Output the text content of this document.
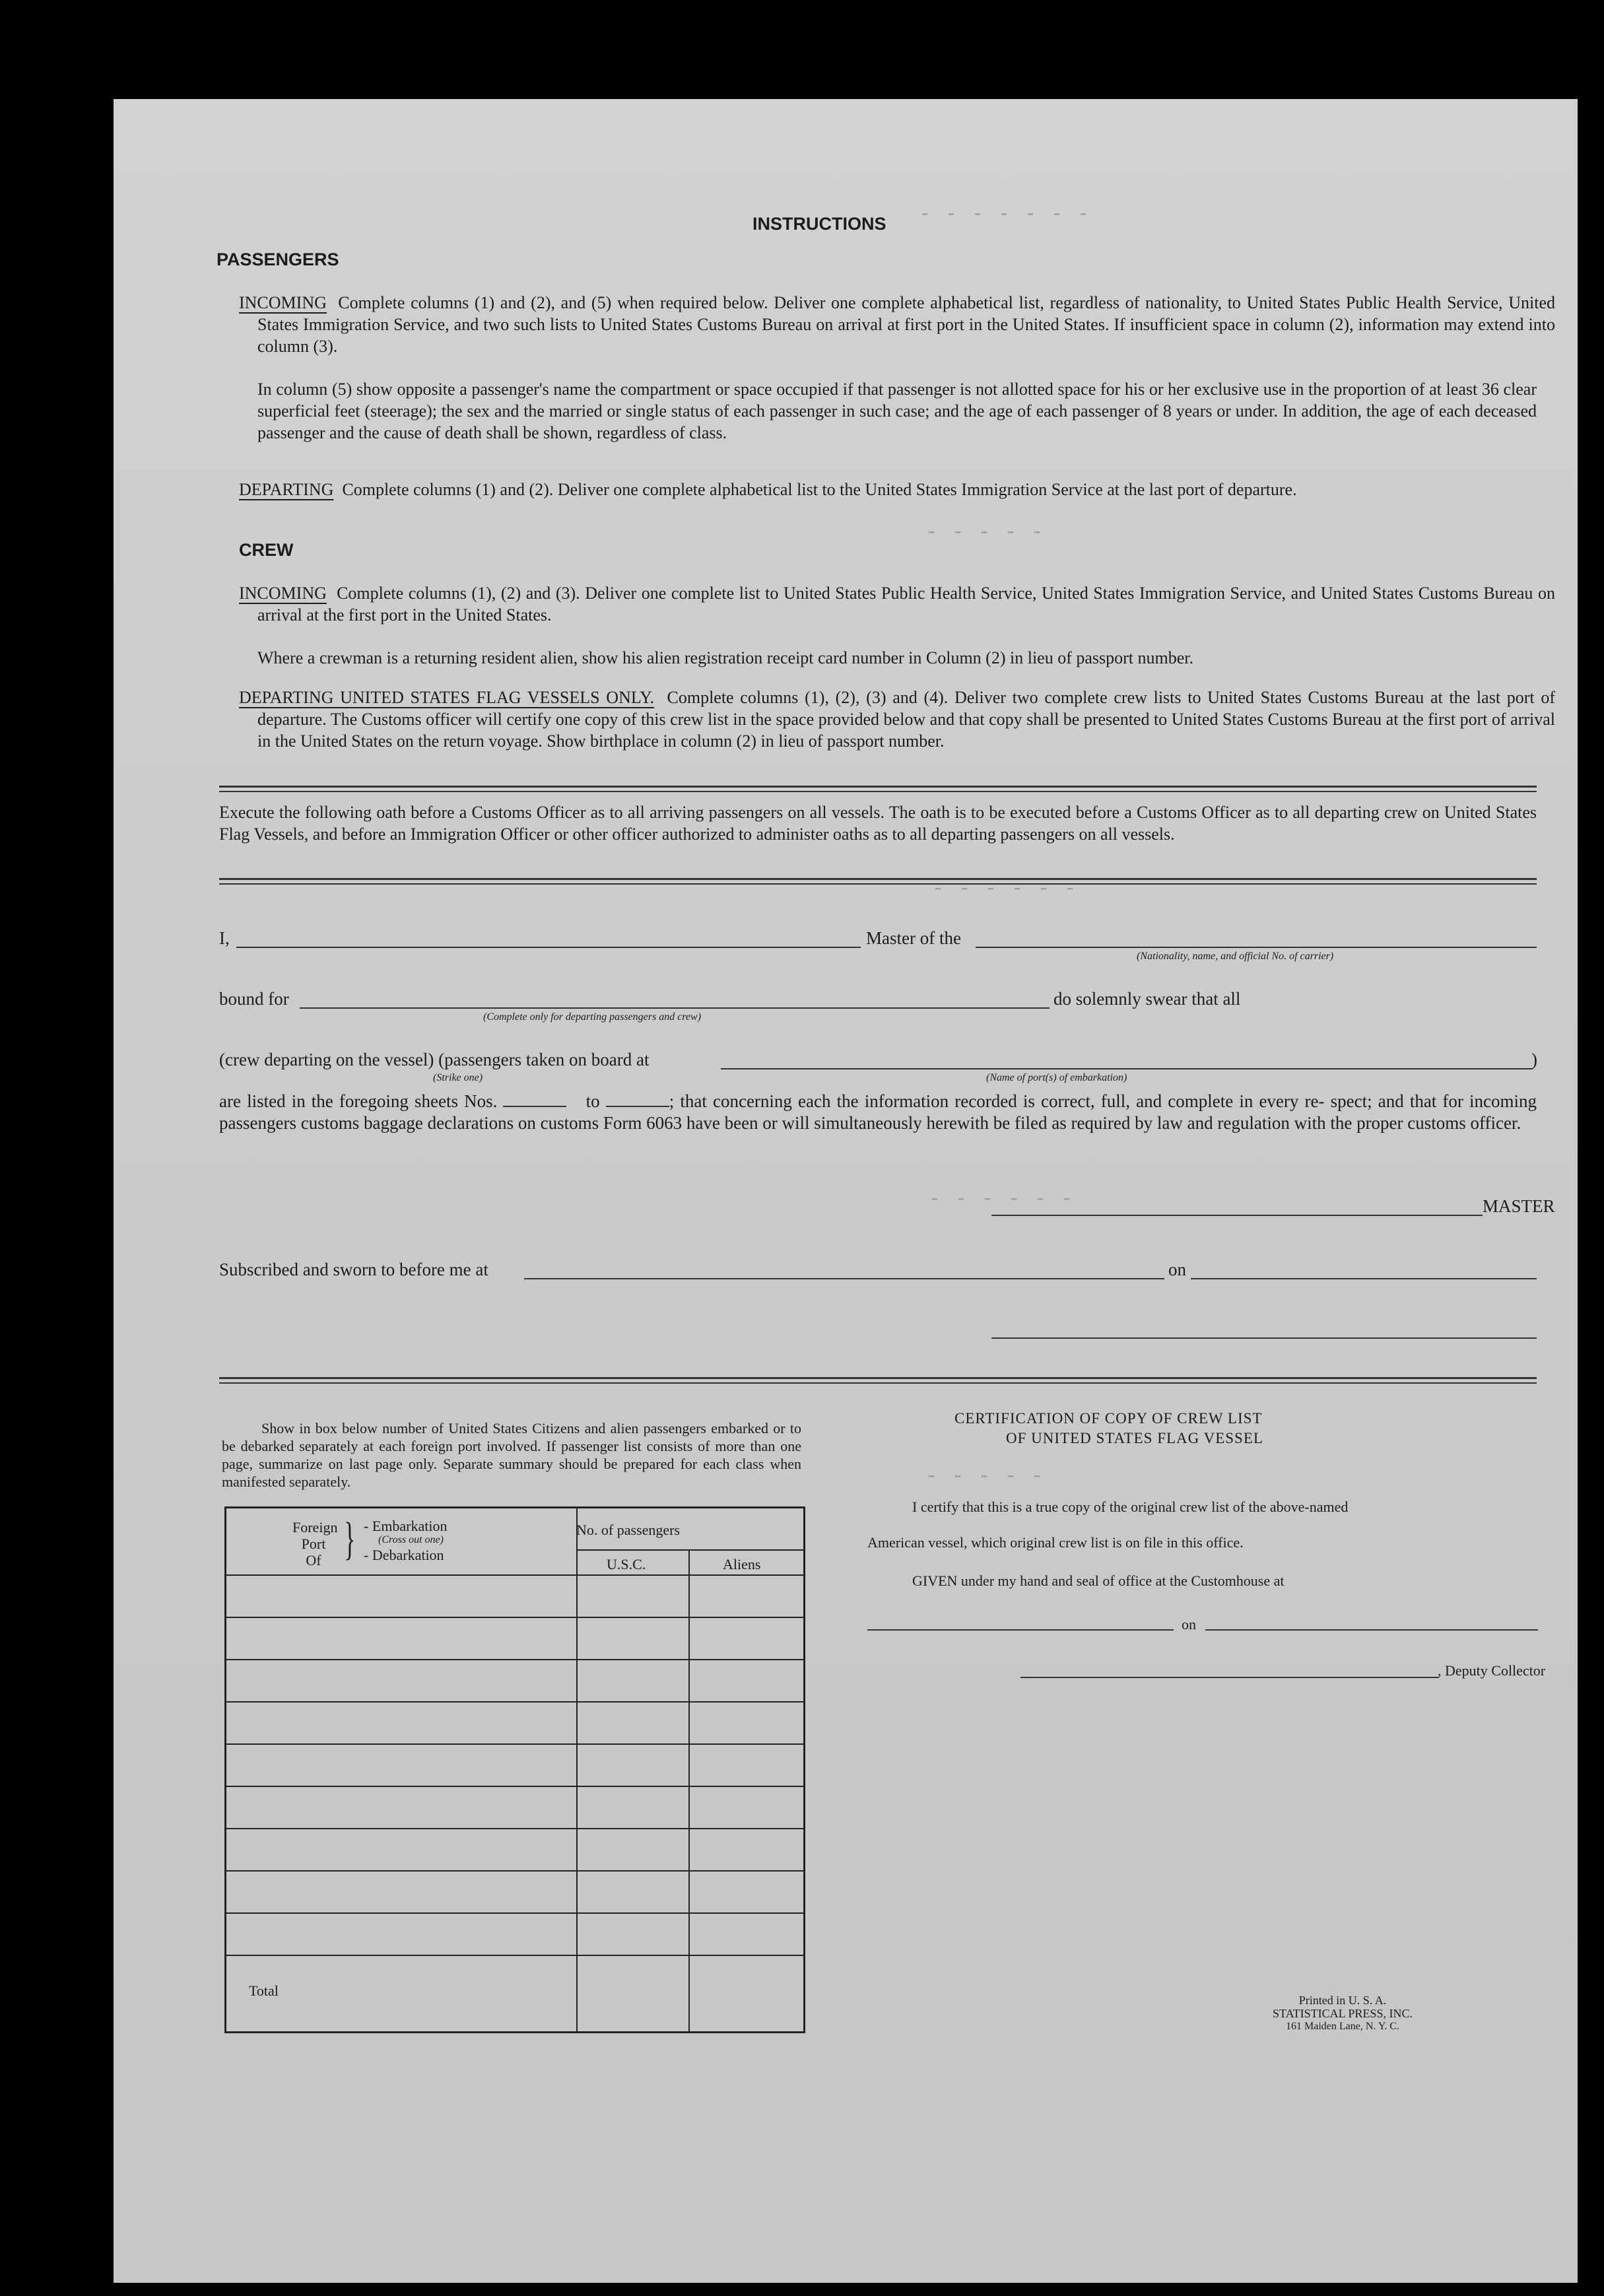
- - - - - - -
- - - - -
- - - - - -
- - - - - -
- - - - -
INSTRUCTIONS
PASSENGERS
INCOMING Complete columns (1) and (2), and (5) when required below. Deliver one complete alphabetical list, regardless of nationality, to United States Public Health Service, United States Immigration Service, and two such lists to United States Customs Bureau on arrival at first port in the United States. If insufficient space in column (2), information may extend into column (3).
In column (5) show opposite a passenger's name the compartment or space occupied if that passenger is not allotted space for his or her exclusive use in the proportion of at least 36 clear superficial feet (steerage); the sex and the married or single status of each passenger in such case; and the age of each passenger of 8 years or under. In addition, the age of each deceased passenger and the cause of death shall be shown, regardless of class.
DEPARTING Complete columns (1) and (2). Deliver one complete alphabetical list to the United States Immigration Service at the last port of departure.
CREW
INCOMING Complete columns (1), (2) and (3). Deliver one complete list to United States Public Health Service, United States Immigration Service, and United States Customs Bureau on arrival at the first port in the United States.
Where a crewman is a returning resident alien, show his alien registration receipt card number in Column (2) in lieu of passport number.
DEPARTING UNITED STATES FLAG VESSELS ONLY. Complete columns (1), (2), (3) and (4). Deliver two complete crew lists to United States Customs Bureau at the last port of departure. The Customs officer will certify one copy of this crew list in the space provided below and that copy shall be presented to United States Customs Bureau at the first port of arrival in the United States on the return voyage. Show birthplace in column (2) in lieu of passport number.
Execute the following oath before a Customs Officer as to all arriving passengers on all vessels. The oath is to be executed before a Customs Officer as to all departing crew on United States Flag Vessels, and before an Immigration Officer or other officer authorized to administer oaths as to all departing passengers on all vessels.
I,	Master of the
(Nationality, name, and official No. of carrier)
bound for
(Complete only for departing passengers and crew)
do solemnly swear that all
(crew departing on the vessel) (passengers taken on board at
(Strike one)	(Name of port(s) of embarkation)
)
are listed in the foregoing sheets Nos.	to	; that concerning each the information recorded is correct, full, and complete in every re- spect; and that for incoming passengers customs baggage declarations on customs Form 6063 have been or will simultaneously herewith be filed as required by law and regulation with the proper customs officer.
MASTER
Subscribed and sworn to before me at	on
Show in box below number of United States Citizens and alien passengers embarked or to be debarked separately at each foreign port involved. If passenger list consists of more than one page, summarize on last page only. Separate summary should be prepared for each class when manifested separately.
Foreign
Port
Of } - Embarkation
(Cross out one)
- Debarkation
No. of passengers
U.S.C.	Aliens
Total
CERTIFICATION OF COPY OF CREW LIST
OF UNITED STATES FLAG VESSEL
I certify that this is a true copy of the original crew list of the above-named
American vessel, which original crew list is on file in this office.
GIVEN under my hand and seal of office at the Customhouse at
on
, Deputy Collector
Printed in U. S. A.
STATISTICAL PRESS, INC.
161 Maiden Lane, N. Y. C.
